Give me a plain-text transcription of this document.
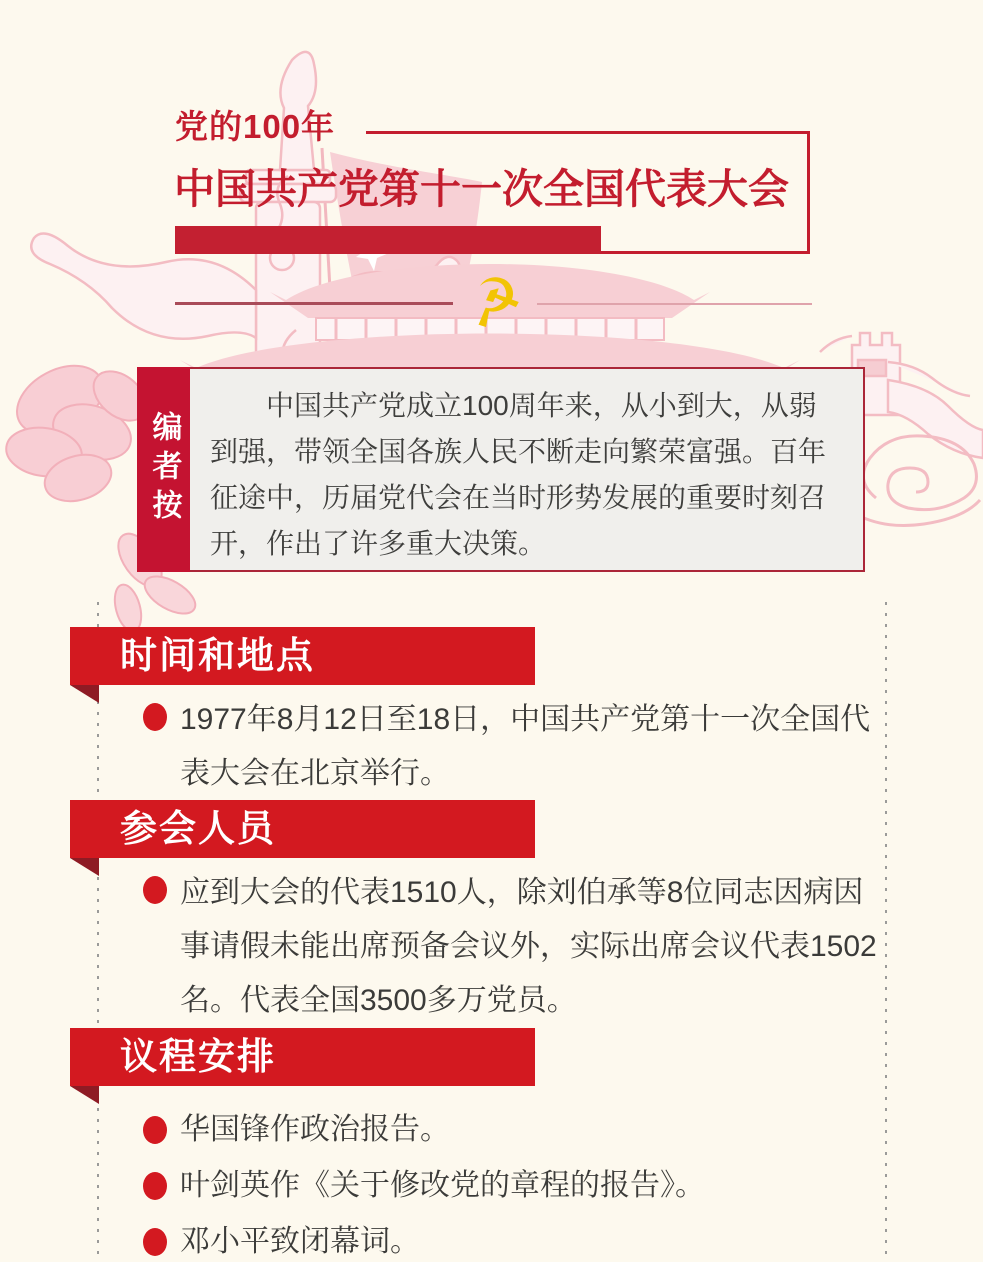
党的100年
中国共产党第十一次全国代表大会
☭
编者按

中国共产党成立100周年来，从小到大，从弱到强，带领全国各族人民不断走向繁荣富强。百年征途中，历届党代会在当时形势发展的重要时刻召开，作出了许多重大决策。

时间和地点
1977年8月12日至18日，中国共产党第十一次全国代表大会在北京举行。
参会人员
应到大会的代表1510人，除刘伯承等8位同志因病因事请假未能出席预备会议外，实际出席会议代表1502名。代表全国3500多万党员。
议程安排
华国锋作政治报告。
叶剑英作《关于修改党的章程的报告》。
邓小平致闭幕词。
